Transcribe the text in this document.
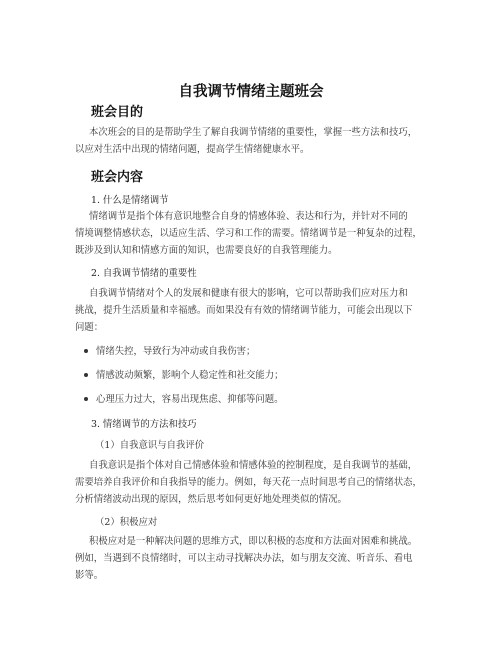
自我调节情绪主题班会
班会目的
本次班会的目的是帮助学生了解自我调节情绪的重要性，掌握一些方法和技巧，
以应对生活中出现的情绪问题，提高学生情绪健康水平。
班会内容
1. 什么是情绪调节
情绪调节是指个体有意识地整合自身的情感体验、表达和行为，并针对不同的
情境调整情感状态，以适应生活、学习和工作的需要。情绪调节是一种复杂的过程，
既涉及到认知和情感方面的知识，也需要良好的自我管理能力。
2. 自我调节情绪的重要性
自我调节情绪对个人的发展和健康有很大的影响，它可以帮助我们应对压力和
挑战，提升生活质量和幸福感。而如果没有有效的情绪调节能力，可能会出现以下
问题：
情绪失控，导致行为冲动或自我伤害；
情感波动频繁，影响个人稳定性和社交能力；
心理压力过大，容易出现焦虑、抑郁等问题。
3. 情绪调节的方法和技巧
（1）自我意识与自我评价
自我意识是指个体对自己情感体验和情感体验的控制程度，是自我调节的基础，
需要培养自我评价和自我指导的能力。例如，每天花一点时间思考自己的情绪状态，
分析情绪波动出现的原因，然后思考如何更好地处理类似的情况。
（2）积极应对
积极应对是一种解决问题的思维方式，即以积极的态度和方法面对困难和挑战。
例如，当遇到不良情绪时，可以主动寻找解决办法，如与朋友交流、听音乐、看电
影等。
